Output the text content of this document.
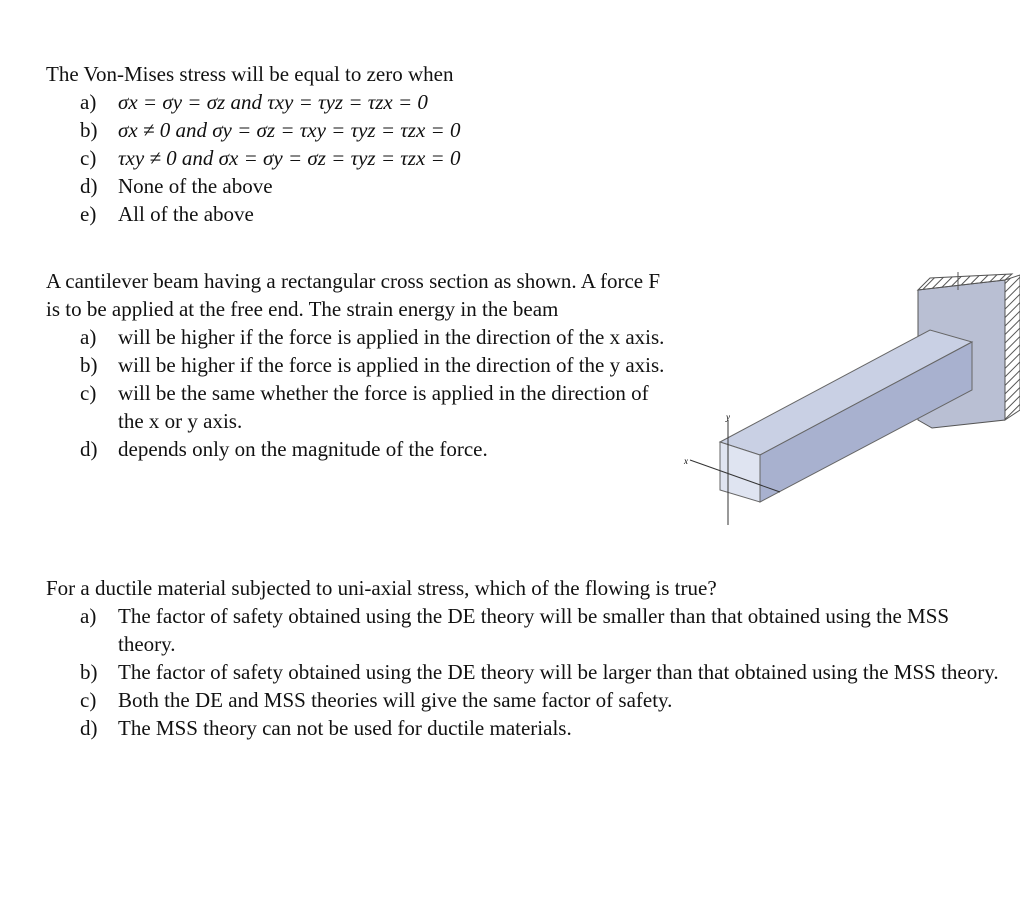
The Von-Mises stress will be equal to zero when

a)	σx = σy = σz and τxy = τyz = τzx = 0
b) σx ≠ 0 and σy = σz = τxy = τyz = τzx = 0
c)	τxy ≠ 0 and σx = σy = σz = τyz = τzx = 0
d) None of the above
e)	All of the above

A cantilever beam having a rectangular cross section as shown. A force F is to be applied at the free end. The strain energy in the beam

a)	will be higher if the force is applied in the direction of the x axis.
b) will be higher if the force is applied in the direction of the y axis.
c)	will be the same whether the force is applied in the direction of the x or y axis.
d) depends only on the magnitude of the force.
y
x

For a ductile material subjected to uni-axial stress, which of the flowing is true?

a)	The factor of safety obtained using the DE theory will be smaller than that obtained using the MSS theory.
b) The factor of safety obtained using the DE theory will be larger than that obtained using the MSS theory.
c)	Both the DE and MSS theories will give the same factor of safety.
d) The MSS theory can not be used for ductile materials.
